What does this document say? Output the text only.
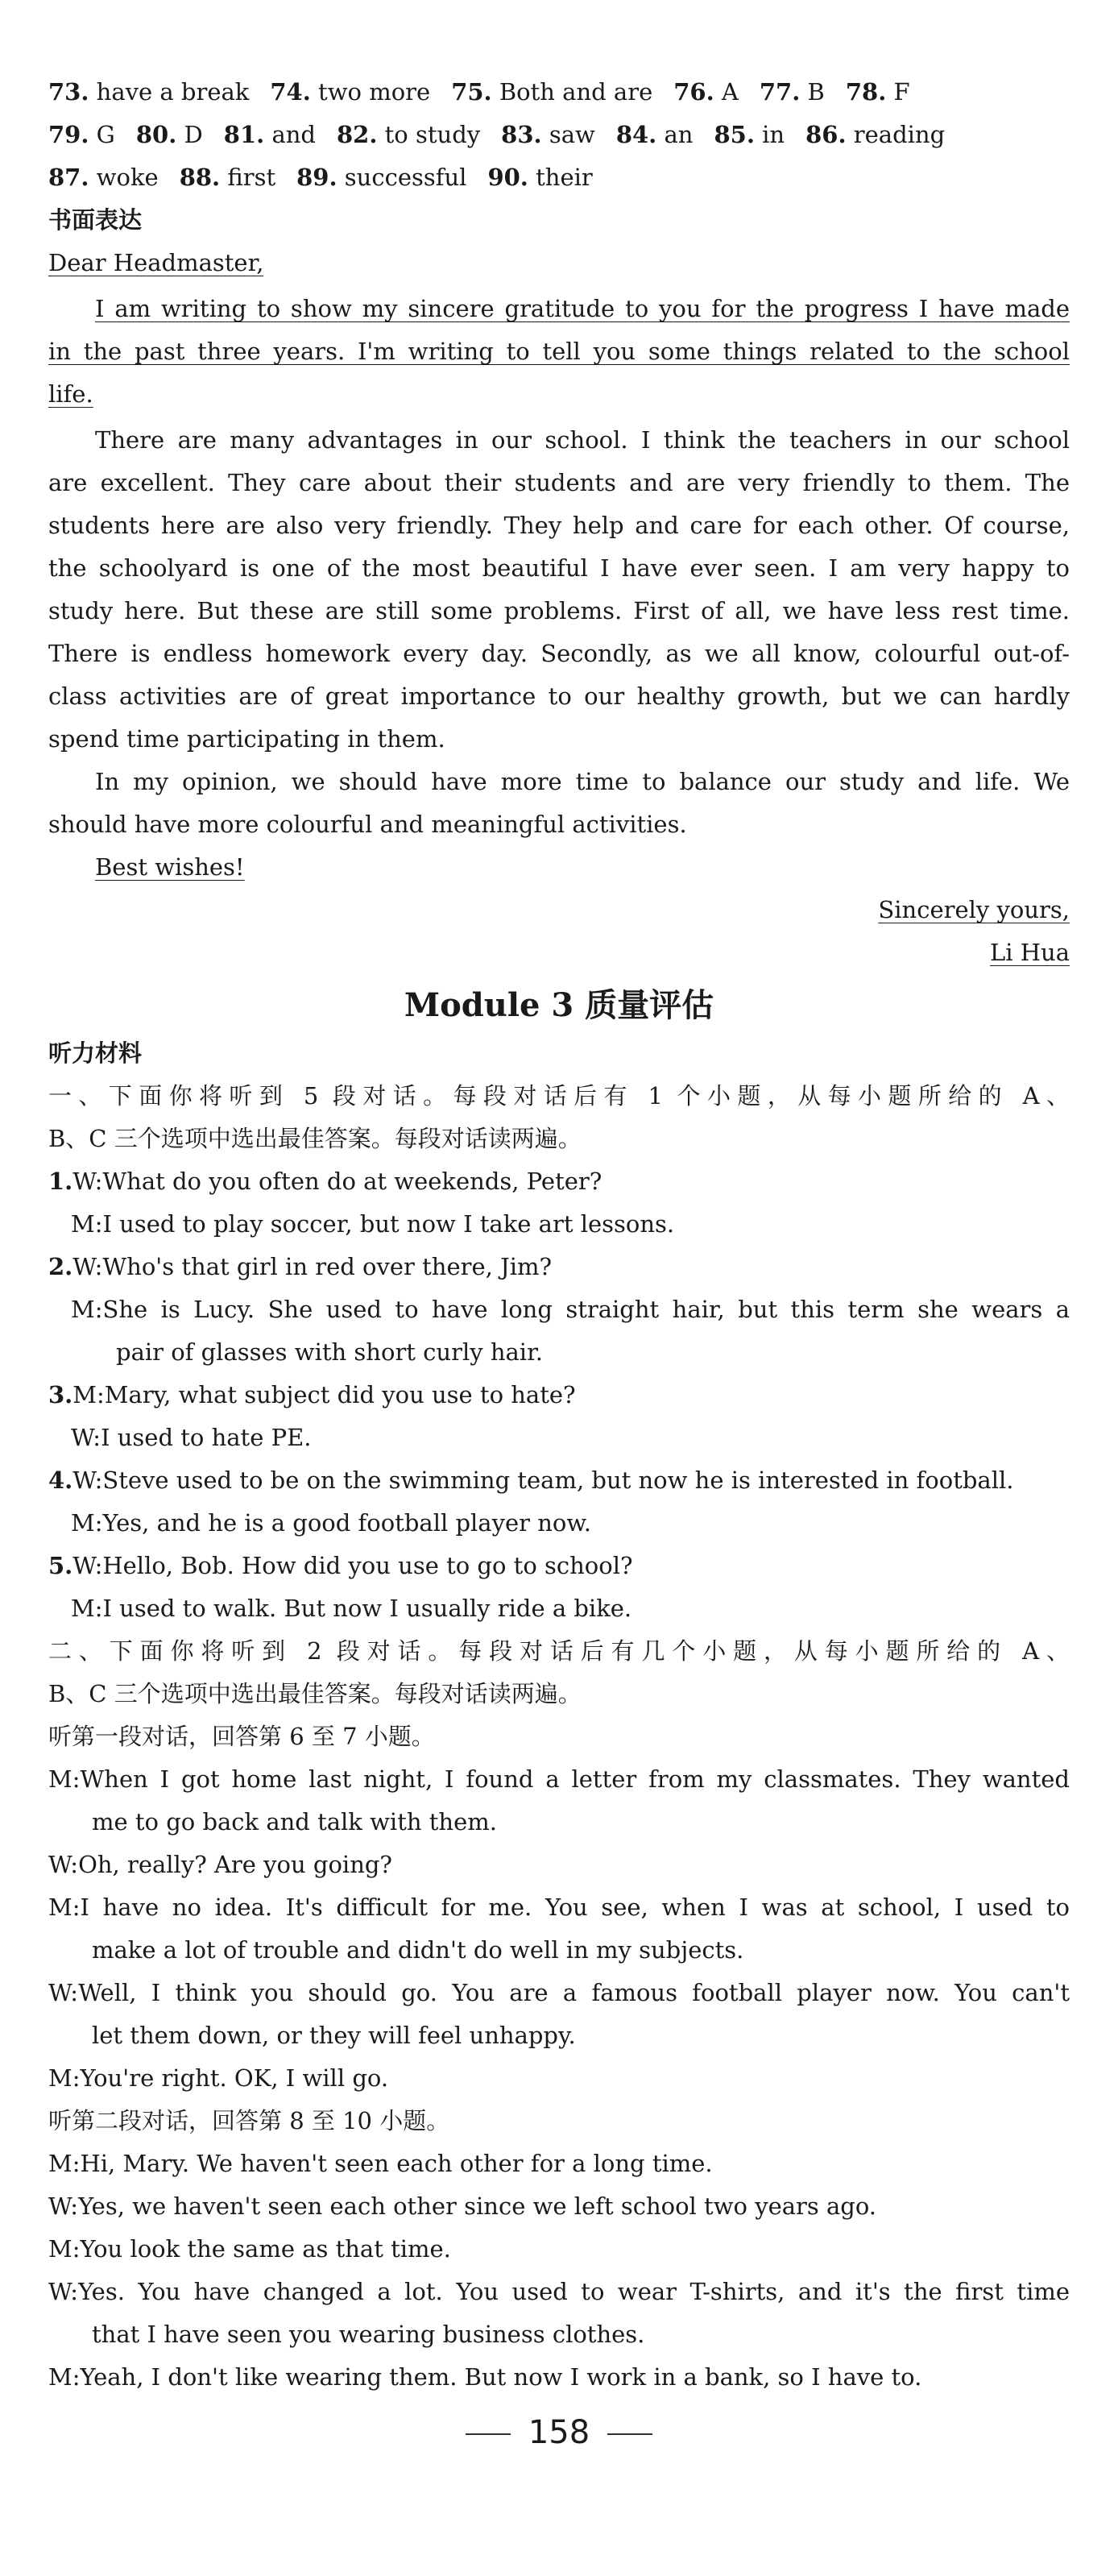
73. have a break 74. two more 75. Both and are 76. A 77. B 78. F
79. G 80. D 81. and 82. to study 83. saw 84. an 85. in 86. reading
87. woke 88. first 89. successful 90. their
书面表达
Dear Headmaster,
I am writing to show my sincere gratitude to you for the progress I have made
in the past three years. I'm writing to tell you some things related to the school
life.
There are many advantages in our school. I think the teachers in our school
are excellent. They care about their students and are very friendly to them. The
students here are also very friendly. They help and care for each other. Of course,
the schoolyard is one of the most beautiful I have ever seen. I am very happy to
study here. But these are still some problems. First of all, we have less rest time.
There is endless homework every day. Secondly, as we all know, colourful out-of-
class activities are of great importance to our healthy growth, but we can hardly
spend time participating in them.
In my opinion, we should have more time to balance our study and life. We
should have more colourful and meaningful activities.
Best wishes!
Sincerely yours,
Li Hua
Module 3 质量评估
听力材料
一、下面你将听到 5 段对话。每段对话后有 1 个小题，从每小题所给的 A、
B、C 三个选项中选出最佳答案。每段对话读两遍。
1.W:What do you often do at weekends, Peter?
M:I used to play soccer, but now I take art lessons.
2.W:Who's that girl in red over there, Jim?
M:She is Lucy. She used to have long straight hair, but this term she wears a
pair of glasses with short curly hair.
3.M:Mary, what subject did you use to hate?
W:I used to hate PE.
4.W:Steve used to be on the swimming team, but now he is interested in football.
M:Yes, and he is a good football player now.
5.W:Hello, Bob. How did you use to go to school?
M:I used to walk. But now I usually ride a bike.
二、下面你将听到 2 段对话。每段对话后有几个小题，从每小题所给的 A、
B、C 三个选项中选出最佳答案。每段对话读两遍。
听第一段对话，回答第 6 至 7 小题。
M:When I got home last night, I found a letter from my classmates. They wanted
me to go back and talk with them.
W:Oh, really? Are you going?
M:I have no idea. It's difficult for me. You see, when I was at school, I used to
make a lot of trouble and didn't do well in my subjects.
W:Well, I think you should go. You are a famous football player now. You can't
let them down, or they will feel unhappy.
M:You're right. OK, I will go.
听第二段对话，回答第 8 至 10 小题。
M:Hi, Mary. We haven't seen each other for a long time.
W:Yes, we haven't seen each other since we left school two years ago.
M:You look the same as that time.
W:Yes. You have changed a lot. You used to wear T-shirts, and it's the first time
that I have seen you wearing business clothes.
M:Yeah, I don't like wearing them. But now I work in a bank, so I have to.
158
